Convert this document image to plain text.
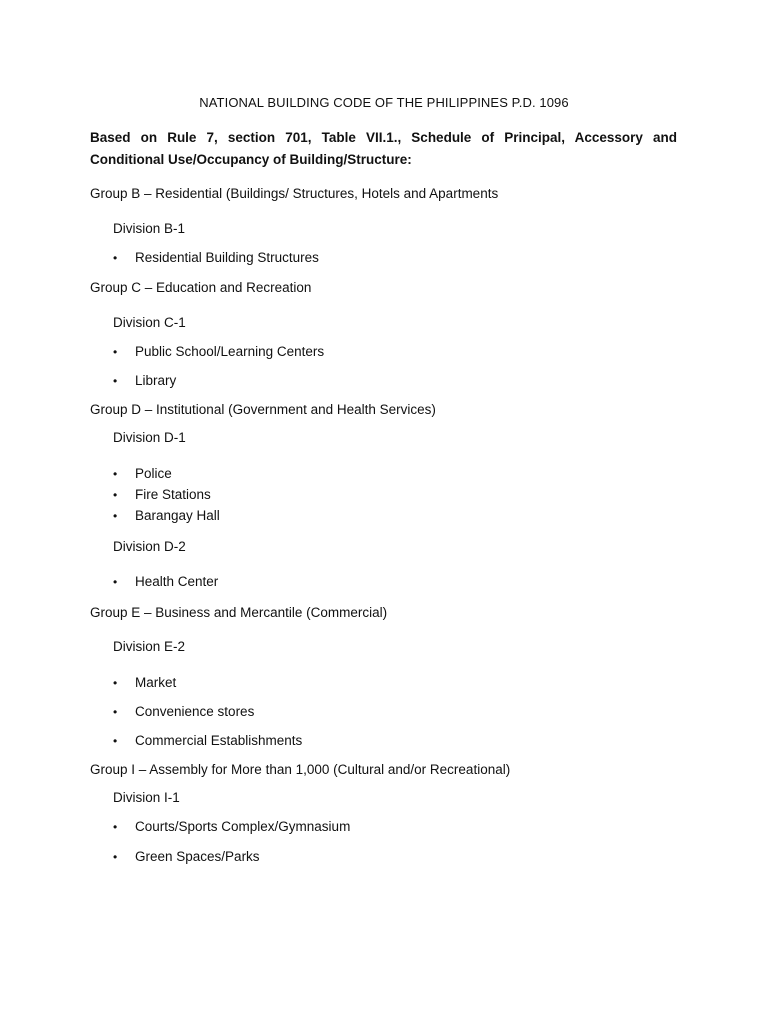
NATIONAL BUILDING CODE OF THE PHILIPPINES P.D. 1096
Based on Rule 7, section 701, Table VII.1., Schedule of Principal, Accessory and Conditional Use/Occupancy of Building/Structure:
Group B – Residential (Buildings/ Structures, Hotels and Apartments
Division B-1
• Residential Building Structures
Group C – Education and Recreation
Division C-1
• Public School/Learning Centers
• Library
Group D – Institutional (Government and Health Services)
Division D-1
• Police
• Fire Stations
• Barangay Hall
Division D-2
• Health Center
Group E – Business and Mercantile (Commercial)
Division E-2
• Market
• Convenience stores
• Commercial Establishments
Group I – Assembly for More than 1,000 (Cultural and/or Recreational)
Division I-1
• Courts/Sports Complex/Gymnasium
• Green Spaces/Parks
